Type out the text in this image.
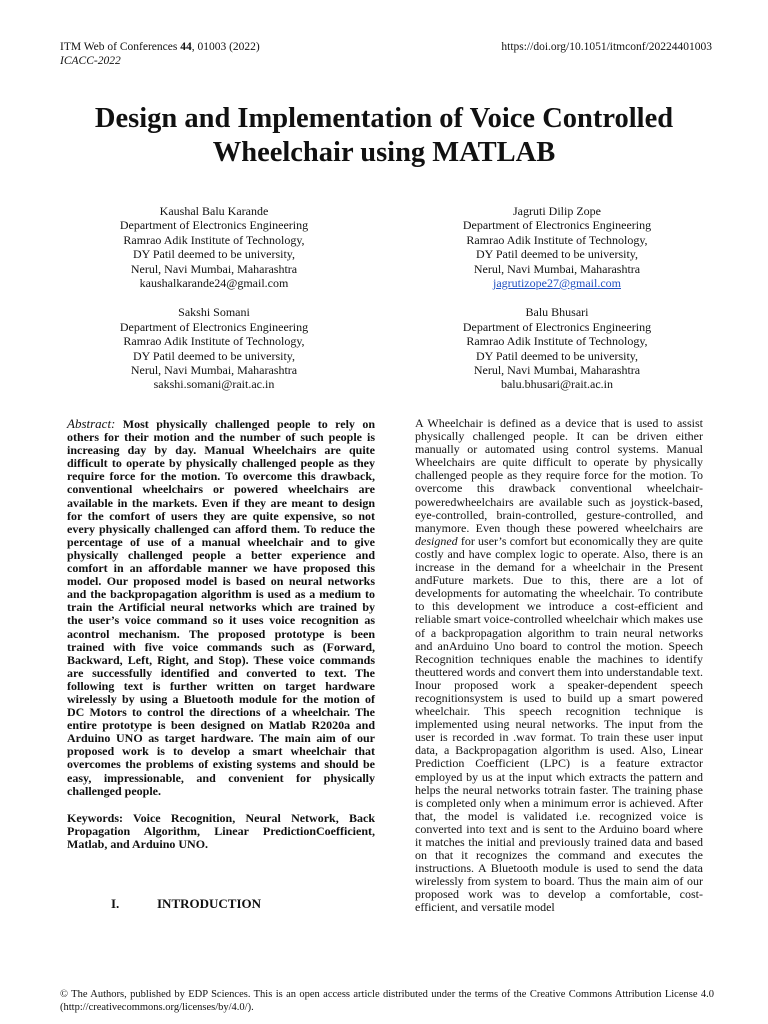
ITM Web of Conferences 44, 01003 (2022)
ICACC-2022
https://doi.org/10.1051/itmconf/20224401003
Design and Implementation of Voice Controlled
Wheelchair using MATLAB
Kaushal Balu Karande
Department of Electronics Engineering
Ramrao Adik Institute of Technology,
DY Patil deemed to be university,
Nerul, Navi Mumbai, Maharashtra
kaushalkarande24@gmail.com
Sakshi Somani
Department of Electronics Engineering
Ramrao Adik Institute of Technology,
DY Patil deemed to be university,
Nerul, Navi Mumbai, Maharashtra
sakshi.somani@rait.ac.in
Jagruti Dilip Zope
Department of Electronics Engineering
Ramrao Adik Institute of Technology,
DY Patil deemed to be university,
Nerul, Navi Mumbai, Maharashtra
jagrutizope27@gmail.com
Balu Bhusari
Department of Electronics Engineering
Ramrao Adik Institute of Technology,
DY Patil deemed to be university,
Nerul, Navi Mumbai, Maharashtra
balu.bhusari@rait.ac.in

Abstract: Most physically challenged people to rely on others for their motion and the number of such people is increasing day by day. Manual Wheelchairs are quite difficult to operate by physically challenged people as they require force for the motion. To overcome this drawback, conventional wheelchairs or powered wheelchairs are available in the markets. Even if they are meant to design for the comfort of users they are quite expensive, so not every physically challenged can afford them. To reduce the percentage of use of a manual wheelchair and to give physically challenged people a better experience and comfort in an affordable manner we have proposed this model. Our proposed model is based on neural networks and the backpropagation algorithm is used as a medium to train the Artificial neural networks which are trained by the user’s voice command so it uses voice recognition as acontrol mechanism. The proposed prototype is been trained with five voice commands such as (Forward, Backward, Left, Right, and Stop). These voice commands are successfully identified and converted to text. The following text is further written on target hardware wirelessly by using a Bluetooth module for the motion of DC Motors to control the directions of a wheelchair. The entire prototype is been designed on Matlab R2020a and Arduino UNO as target hardware. The main aim of our proposed work is to develop a smart wheelchair that overcomes the problems of existing systems and should be easy, impressionable, and convenient for physically challenged people.

Keywords: Voice Recognition, Neural Network, Back Propagation Algorithm, Linear PredictionCoefficient, Matlab, and Arduino UNO.

I.	INTRODUCTION

A Wheelchair is defined as a device that is used to assist physically challenged people. It can be driven either manually or automated using control systems. Manual Wheelchairs are quite difficult to operate by physically challenged people as they require force for the motion. To overcome this drawback conventional wheelchair-poweredwheelchairs are available such as joystick-based, eye-controlled, brain-controlled, gesture-controlled, and manymore. Even though these powered wheelchairs are designed for user’s comfort but economically they are quite costly and have complex logic to operate. Also, there is an increase in the demand for a wheelchair in the Present andFuture markets. Due to this, there are a lot of developments for automating the wheelchair. To contribute to this development we introduce a cost-efficient and reliable smart voice-controlled wheelchair which makes use of a backpropagation algorithm to train neural networks and anArduino Uno board to control the motion. Speech Recognition techniques enable the machines to identify theuttered words and convert them into understandable text. Inour proposed work a speaker-dependent speech recognitionsystem is used to build up a smart powered wheelchair. This speech recognition technique is implemented using neural networks. The input from the user is recorded in .wav format. To train these user input data, a Backpropagation algorithm is used. Also, Linear Prediction Coefficient (LPC) is a feature extractor employed by us at the input which extracts the pattern and helps the neural networks totrain faster. The training phase is completed only when a minimum error is achieved. After that, the model is validated i.e. recognized voice is converted into text and is sent to the Arduino board where it matches the initial and previously trained data and based on that it recognizes the command and executes the instructions. A Bluetooth module is used to send the data wirelessly from system to board. Thus the main aim of our proposed work was to develop a comfortable, cost-efficient, and versatile model

© The Authors, published by EDP Sciences. This is an open access article distributed under the terms of the Creative Commons Attribution License 4.0 (http://creativecommons.org/licenses/by/4.0/).
